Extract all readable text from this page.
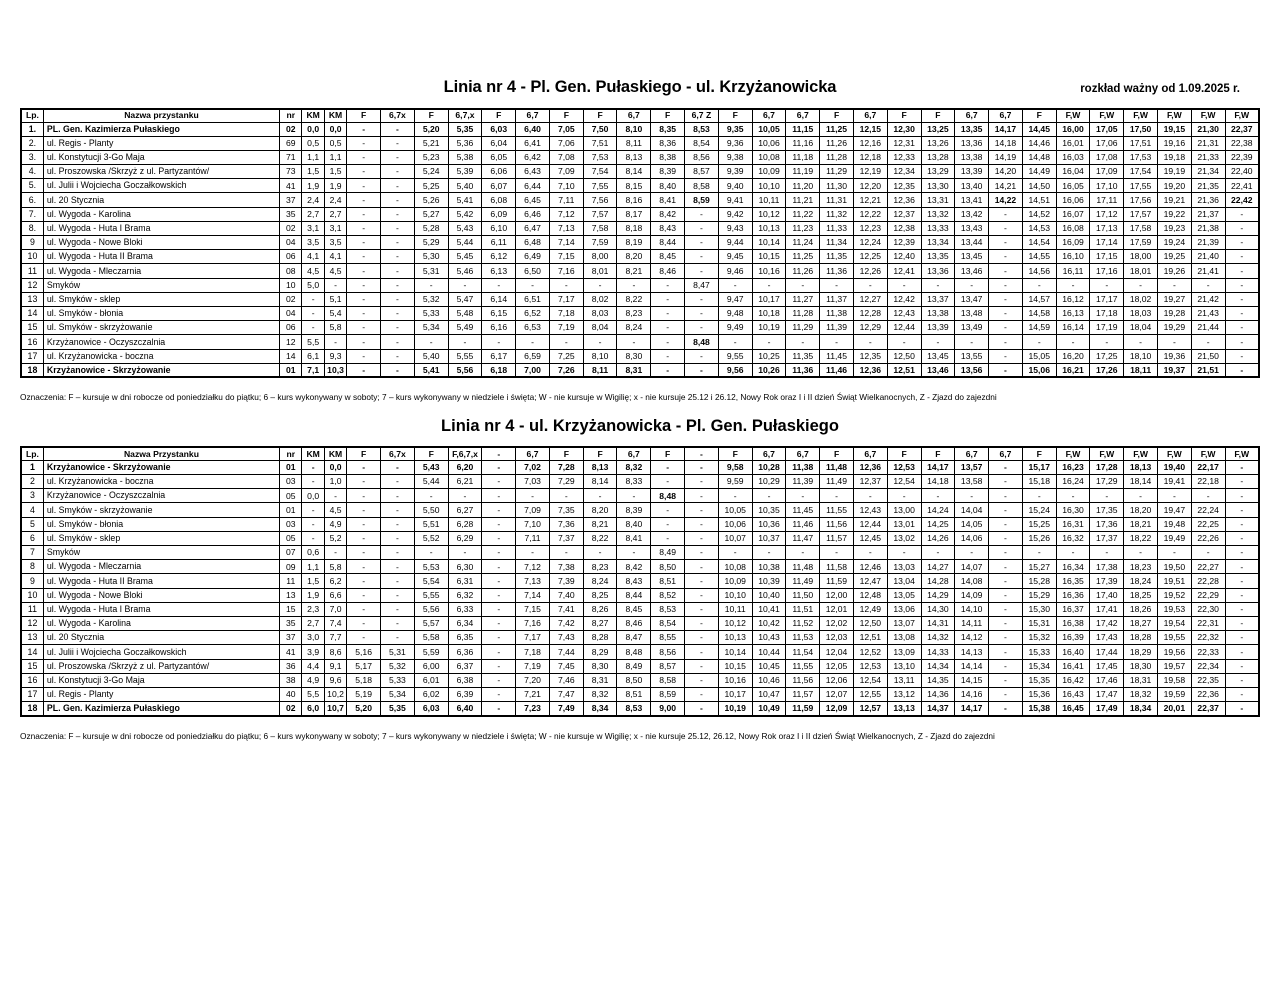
Linia nr 4 - Pl. Gen. Pułaskiego - ul. Krzyżanowicka	rozkład ważny od 1.09.2025 r.
Lp.	Nazwa przystanku	nr	KM	KM	F	6,7x	F	6,7,x	F	6,7	F	F	6,7	F	6,7 Z	F	6,7	6,7	F	6,7	F	F	6,7	6,7	F	F,W	F,W	F,W	F,W	F,W	F,W
1.	PL. Gen. Kazimierza Pułaskiego	02	0,0	0,0	-	-	5,20	5,35	6,03	6,40	7,05	7,50	8,10	8,35	8,53	9,35	10,05	11,15	11,25	12,15	12,30	13,25	13,35	14,17	14,45	16,00	17,05	17,50	19,15	21,30	22,37
2.	ul. Regis - Planty	69	0,5	0,5	-	-	5,21	5,36	6,04	6,41	7,06	7,51	8,11	8,36	8,54	9,36	10,06	11,16	11,26	12,16	12,31	13,26	13,36	14,18	14,46	16,01	17,06	17,51	19,16	21,31	22,38
3.	ul. Konstytucji 3-Go Maja	71	1,1	1,1	-	-	5,23	5,38	6,05	6,42	7,08	7,53	8,13	8,38	8,56	9,38	10,08	11,18	11,28	12,18	12,33	13,28	13,38	14,19	14,48	16,03	17,08	17,53	19,18	21,33	22,39
4.	ul. Proszowska /Skrzyż z ul. Partyzantów/	73	1,5	1,5	-	-	5,24	5,39	6,06	6,43	7,09	7,54	8,14	8,39	8,57	9,39	10,09	11,19	11,29	12,19	12,34	13,29	13,39	14,20	14,49	16,04	17,09	17,54	19,19	21,34	22,40
5.	ul. Julii i Wojciecha Goczałkowskich	41	1,9	1,9	-	-	5,25	5,40	6,07	6,44	7,10	7,55	8,15	8,40	8,58	9,40	10,10	11,20	11,30	12,20	12,35	13,30	13,40	14,21	14,50	16,05	17,10	17,55	19,20	21,35	22,41
6.	ul. 20 Stycznia	37	2,4	2,4	-	-	5,26	5,41	6,08	6,45	7,11	7,56	8,16	8,41	8,59	9,41	10,11	11,21	11,31	12,21	12,36	13,31	13,41	14,22	14,51	16,06	17,11	17,56	19,21	21,36	22,42
7.	ul. Wygoda - Karolina	35	2,7	2,7	-	-	5,27	5,42	6,09	6,46	7,12	7,57	8,17	8,42	-	9,42	10,12	11,22	11,32	12,22	12,37	13,32	13,42	-	14,52	16,07	17,12	17,57	19,22	21,37	-
8.	ul. Wygoda - Huta I Brama	02	3,1	3,1	-	-	5,28	5,43	6,10	6,47	7,13	7,58	8,18	8,43	-	9,43	10,13	11,23	11,33	12,23	12,38	13,33	13,43	-	14,53	16,08	17,13	17,58	19,23	21,38	-
9	ul. Wygoda - Nowe Bloki	04	3,5	3,5	-	-	5,29	5,44	6,11	6,48	7,14	7,59	8,19	8,44	-	9,44	10,14	11,24	11,34	12,24	12,39	13,34	13,44	-	14,54	16,09	17,14	17,59	19,24	21,39	-
10	ul. Wygoda - Huta II Brama	06	4,1	4,1	-	-	5,30	5,45	6,12	6,49	7,15	8,00	8,20	8,45	-	9,45	10,15	11,25	11,35	12,25	12,40	13,35	13,45	-	14,55	16,10	17,15	18,00	19,25	21,40	-
11	ul. Wygoda - Mleczarnia	08	4,5	4,5	-	-	5,31	5,46	6,13	6,50	7,16	8,01	8,21	8,46	-	9,46	10,16	11,26	11,36	12,26	12,41	13,36	13,46	-	14,56	16,11	17,16	18,01	19,26	21,41	-
12	Smyków	10	5,0	-	-	-	-	-	-	-	-	-	-	-	8,47	-	-	-	-	-	-	-	-	-	-	-	-	-	-	-	-
13	ul. Smyków - sklep	02	-	5,1	-	-	5,32	5,47	6,14	6,51	7,17	8,02	8,22	-	-	9,47	10,17	11,27	11,37	12,27	12,42	13,37	13,47	-	14,57	16,12	17,17	18,02	19,27	21,42	-
14	ul. Smyków - błonia	04	-	5,4	-	-	5,33	5,48	6,15	6,52	7,18	8,03	8,23	-	-	9,48	10,18	11,28	11,38	12,28	12,43	13,38	13,48	-	14,58	16,13	17,18	18,03	19,28	21,43	-
15	ul. Smyków - skrzyżowanie	06	-	5,8	-	-	5,34	5,49	6,16	6,53	7,19	8,04	8,24	-	-	9,49	10,19	11,29	11,39	12,29	12,44	13,39	13,49	-	14,59	16,14	17,19	18,04	19,29	21,44	-
16	Krzyżanowice - Oczyszczalnia	12	5,5	-	-	-	-	-	-	-	-	-	-	-	8,48	-	-	-	-	-	-	-	-	-	-	-	-	-	-	-	-
17	ul. Krzyżanowicka - boczna	14	6,1	9,3	-	-	5,40	5,55	6,17	6,59	7,25	8,10	8,30	-	-	9,55	10,25	11,35	11,45	12,35	12,50	13,45	13,55	-	15,05	16,20	17,25	18,10	19,36	21,50	-
18	Krzyżanowice - Skrzyżowanie	01	7,1	10,3	-	-	5,41	5,56	6,18	7,00	7,26	8,11	8,31	-	-	9,56	10,26	11,36	11,46	12,36	12,51	13,46	13,56	-	15,06	16,21	17,26	18,11	19,37	21,51	-
Oznaczenia: F – kursuje w dni robocze od poniedziałku do piątku; 6 – kurs wykonywany w soboty; 7 – kurs wykonywany w niedziele i święta; W - nie kursuje w Wigilię; x - nie kursuje 25.12 i 26.12, Nowy Rok oraz I i II dzień Świąt Wielkanocnych, Z - Zjazd do zajezdni
Linia nr 4 - ul. Krzyżanowicka - Pl. Gen. Pułaskiego
Lp.	Nazwa Przystanku	nr	KM	KM	F	6,7x	F	F,6,7,x	-	6,7	F	F	6,7	F	-	F	6,7	6,7	F	6,7	F	F	6,7	6,7	F	F,W	F,W	F,W	F,W	F,W	F,W
1	Krzyżanowice - Skrzyżowanie	01	-	0,0	-	-	5,43	6,20	-	7,02	7,28	8,13	8,32	-	-	9,58	10,28	11,38	11,48	12,36	12,53	14,17	13,57	-	15,17	16,23	17,28	18,13	19,40	22,17	-
2	ul. Krzyżanowicka - boczna	03	-	1,0	-	-	5,44	6,21	-	7,03	7,29	8,14	8,33	-	-	9,59	10,29	11,39	11,49	12,37	12,54	14,18	13,58	-	15,18	16,24	17,29	18,14	19,41	22,18	-
3	Krzyżanowice - Oczyszczalnia	05	0,0	-	-	-	-	-	-	-	-	-	-	8,48	-	-	-	-	-	-	-	-	-	-	-	-	-	-	-	-	-
4	ul. Smyków - skrzyżowanie	01	-	4,5	-	-	5,50	6,27	-	7,09	7,35	8,20	8,39	-	-	10,05	10,35	11,45	11,55	12,43	13,00	14,24	14,04	-	15,24	16,30	17,35	18,20	19,47	22,24	-
5	ul. Smyków - błonia	03	-	4,9	-	-	5,51	6,28	-	7,10	7,36	8,21	8,40	-	-	10,06	10,36	11,46	11,56	12,44	13,01	14,25	14,05	-	15,25	16,31	17,36	18,21	19,48	22,25	-
6	ul. Smyków - sklep	05	-	5,2	-	-	5,52	6,29	-	7,11	7,37	8,22	8,41	-	-	10,07	10,37	11,47	11,57	12,45	13,02	14,26	14,06	-	15,26	16,32	17,37	18,22	19,49	22,26	-
7	Smyków	07	0,6	-	-	-	-	-	-	-	-	-	-	8,49	-	-	-	-	-	-	-	-	-	-	-	-	-	-	-	-	-
8	ul. Wygoda - Mleczarnia	09	1,1	5,8	-	-	5,53	6,30	-	7,12	7,38	8,23	8,42	8,50	-	10,08	10,38	11,48	11,58	12,46	13,03	14,27	14,07	-	15,27	16,34	17,38	18,23	19,50	22,27	-
9	ul. Wygoda - Huta II Brama	11	1,5	6,2	-	-	5,54	6,31	-	7,13	7,39	8,24	8,43	8,51	-	10,09	10,39	11,49	11,59	12,47	13,04	14,28	14,08	-	15,28	16,35	17,39	18,24	19,51	22,28	-
10	ul. Wygoda - Nowe Bloki	13	1,9	6,6	-	-	5,55	6,32	-	7,14	7,40	8,25	8,44	8,52	-	10,10	10,40	11,50	12,00	12,48	13,05	14,29	14,09	-	15,29	16,36	17,40	18,25	19,52	22,29	-
11	ul. Wygoda - Huta I Brama	15	2,3	7,0	-	-	5,56	6,33	-	7,15	7,41	8,26	8,45	8,53	-	10,11	10,41	11,51	12,01	12,49	13,06	14,30	14,10	-	15,30	16,37	17,41	18,26	19,53	22,30	-
12	ul. Wygoda - Karolina	35	2,7	7,4	-	-	5,57	6,34	-	7,16	7,42	8,27	8,46	8,54	-	10,12	10,42	11,52	12,02	12,50	13,07	14,31	14,11	-	15,31	16,38	17,42	18,27	19,54	22,31	-
13	ul. 20 Stycznia	37	3,0	7,7	-	-	5,58	6,35	-	7,17	7,43	8,28	8,47	8,55	-	10,13	10,43	11,53	12,03	12,51	13,08	14,32	14,12	-	15,32	16,39	17,43	18,28	19,55	22,32	-
14	ul. Julii i Wojciecha Goczałkowskich	41	3,9	8,6	5,16	5,31	5,59	6,36	-	7,18	7,44	8,29	8,48	8,56	-	10,14	10,44	11,54	12,04	12,52	13,09	14,33	14,13	-	15,33	16,40	17,44	18,29	19,56	22,33	-
15	ul. Proszowska /Skrzyż z ul. Partyzantów/	36	4,4	9,1	5,17	5,32	6,00	6,37	-	7,19	7,45	8,30	8,49	8,57	-	10,15	10,45	11,55	12,05	12,53	13,10	14,34	14,14	-	15,34	16,41	17,45	18,30	19,57	22,34	-
16	ul. Konstytucji 3-Go Maja	38	4,9	9,6	5,18	5,33	6,01	6,38	-	7,20	7,46	8,31	8,50	8,58	-	10,16	10,46	11,56	12,06	12,54	13,11	14,35	14,15	-	15,35	16,42	17,46	18,31	19,58	22,35	-
17	ul. Regis - Planty	40	5,5	10,2	5,19	5,34	6,02	6,39	-	7,21	7,47	8,32	8,51	8,59	-	10,17	10,47	11,57	12,07	12,55	13,12	14,36	14,16	-	15,36	16,43	17,47	18,32	19,59	22,36	-
18	PL. Gen. Kazimierza Pułaskiego	02	6,0	10,7	5,20	5,35	6,03	6,40	-	7,23	7,49	8,34	8,53	9,00	-	10,19	10,49	11,59	12,09	12,57	13,13	14,37	14,17	-	15,38	16,45	17,49	18,34	20,01	22,37	-
Oznaczenia: F – kursuje w dni robocze od poniedziałku do piątku; 6 – kurs wykonywany w soboty; 7 – kurs wykonywany w niedziele i święta; W - nie kursuje w Wigilię; x - nie kursuje 25.12, 26.12, Nowy Rok oraz I i II dzień Świąt Wielkanocnych, Z - Zjazd do zajezdni
